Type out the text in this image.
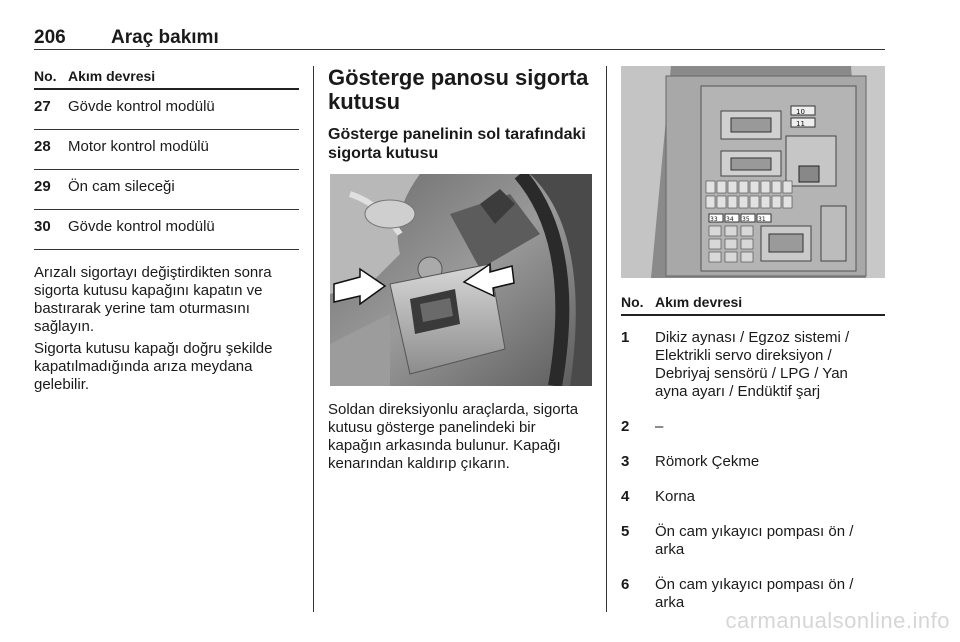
206 Araç bakımı
No. Akım devresi
27 Gövde kontrol modülü
28 Motor kontrol modülü
29 Ön cam sileceği
30 Gövde kontrol modülü

Arızalı sigortayı değiştirdikten sonra sigorta kutusu kapağını kapatın ve bastırarak yerine tam oturmasını sağlayın.

Sigorta kutusu kapağı doğru şekilde kapatılmadığında arıza meydana gelebilir.

Gösterge panosu sigorta kutusu
Gösterge panelinin sol tarafındaki sigorta kutusu

Soldan direksiyonlu araçlarda, sigorta kutusu gösterge panelindeki bir kapağın arkasında bulunur. Kapağı kenarından kaldırıp çıkarın.

10
11
33 34 35 31
No. Akım devresi
1 Dikiz aynası / Egzoz sistemi / Elektrikli servo direksiyon / Debriyaj sensörü / LPG / Yan ayna ayarı / Endüktif şarj
2 –
3 Römork Çekme
4 Korna
5 Ön cam yıkayıcı pompası ön / arka
6 Ön cam yıkayıcı pompası ön / arka
carmanualsonline.info
